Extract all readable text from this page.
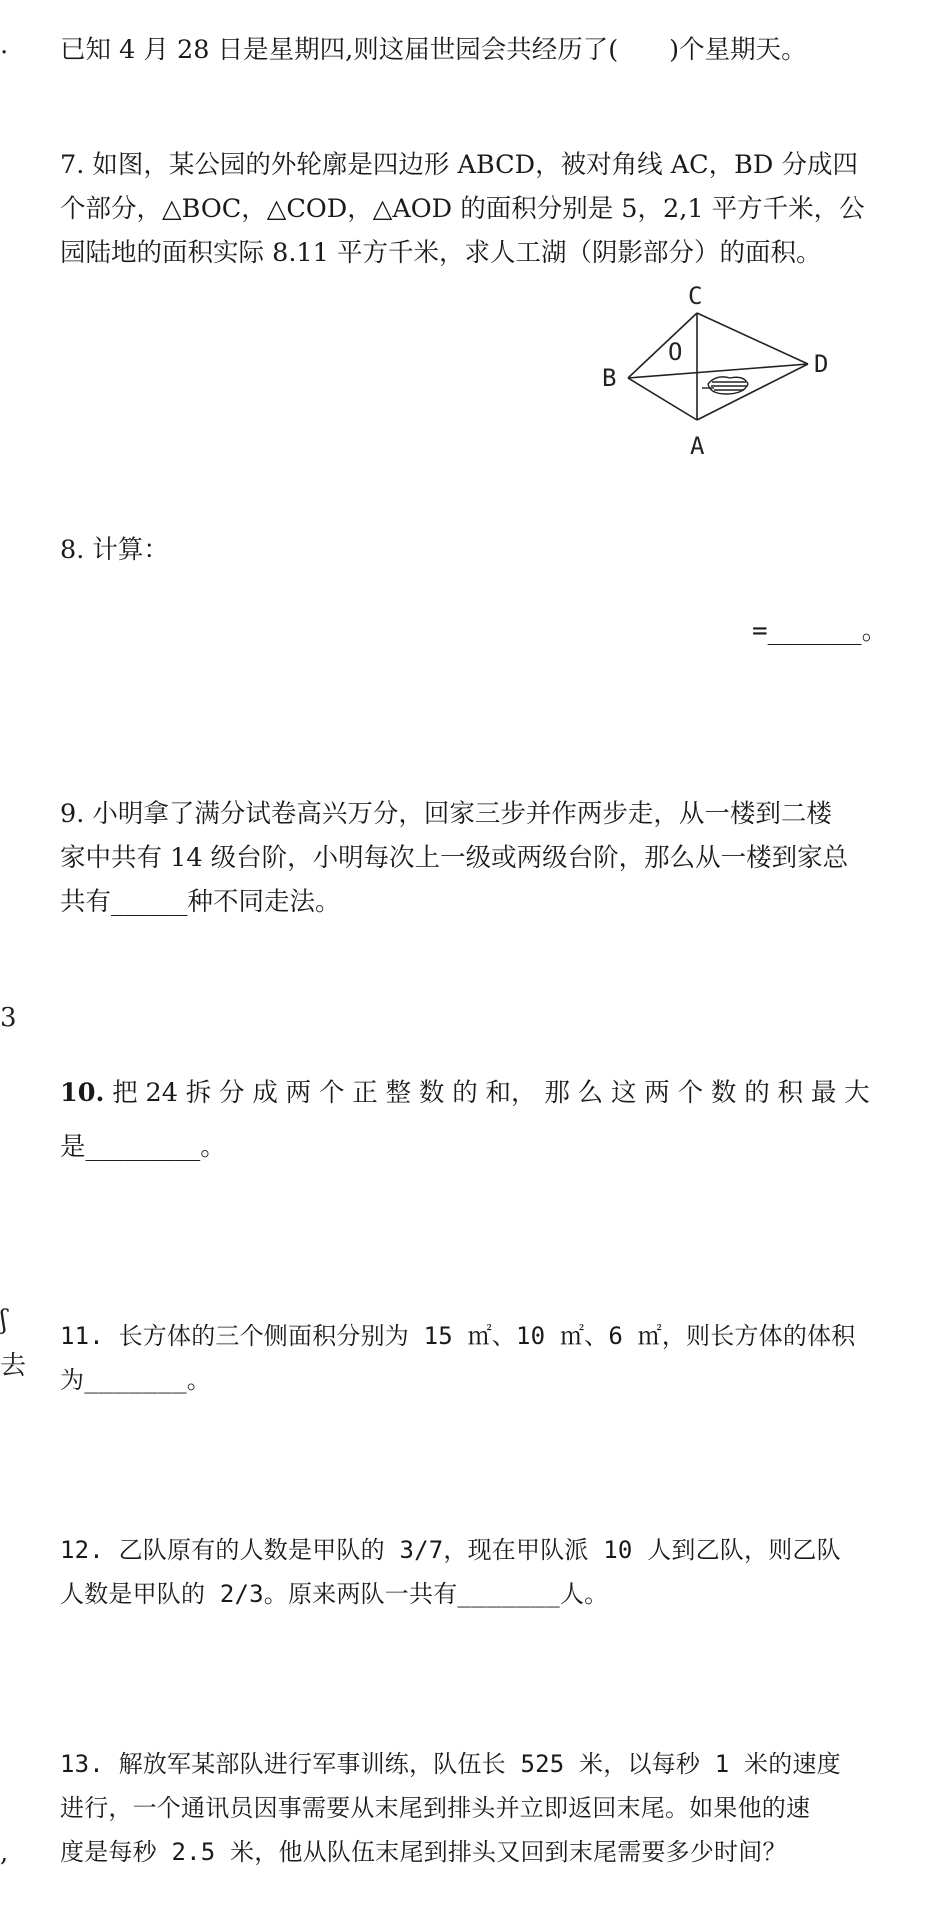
.
3
ʃ
去
,
已知 4 月 28 日是星期四,则这届世园会共经历了(　　)个星期天。
7. 如图，某公园的外轮廓是四边形 ABCD，被对角线 AC，BD 分成四
个部分，△BOC，△COD，△AOD 的面积分别是 5，2,1 平方千米，公
园陆地的面积实际 8.11 平方千米，求人工湖（阴影部分）的面积。
C
B	D
A
O
8. 计算：
=______。
9. 小明拿了满分试卷高兴万分，回家三步并作两步走，从一楼到二楼
家中共有 14 级台阶，小明每次上一级或两级台阶，那么从一楼到家总
共有______种不同走法。
10. 把 24 拆 分 成 两 个 正 整 数 的 和， 那 么 这 两 个 数 的 积 最 大
是_________。
11. 长方体的三个侧面积分别为 15 ㎡、10 ㎡、6 ㎡，则长方体的体积
为_______。
12. 乙队原有的人数是甲队的 3/7，现在甲队派 10 人到乙队，则乙队
人数是甲队的 2/3。原来两队一共有_______人。
13. 解放军某部队进行军事训练，队伍长 525 米，以每秒 1 米的速度
进行，一个通讯员因事需要从末尾到排头并立即返回末尾。如果他的速
度是每秒 2.5 米，他从队伍末尾到排头又回到末尾需要多少时间？
